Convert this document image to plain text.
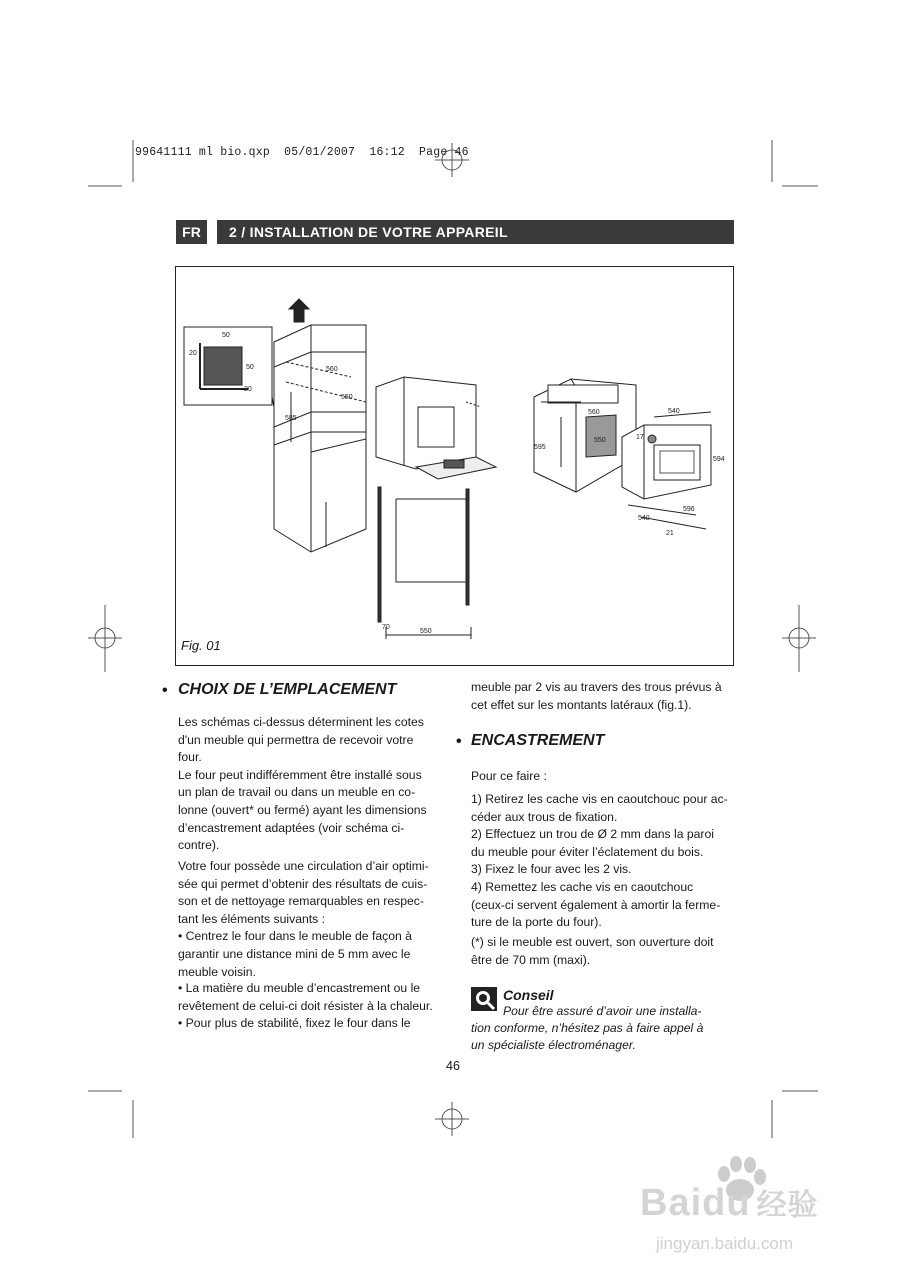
99641111 ml bio.qxp  05/01/2007  16:12  Page 46
FR	2 / INSTALLATION DE VOTRE APPAREIL
50
20
50
20
560
550
585
70
550
560
550
595
540
594
596
540
21
17
Fig. 01
• CHOIX DE L’EMPLACEMENT
Les schémas ci-dessus déterminent les cotes
d'un meuble qui permettra de recevoir votre
four.
Le four peut indifféremment être installé sous
un plan de travail ou dans un meuble en co-
lonne (ouvert* ou fermé) ayant les dimensions
d’encastrement adaptées (voir schéma ci-
contre).
Votre four possède une circulation d’air optimi-
sée qui permet d’obtenir des résultats de cuis-
son et de nettoyage remarquables en respec-
tant les éléments suivants :
• Centrez le four dans le meuble de façon à
garantir une distance mini de 5 mm avec le
meuble voisin.
• La matière du meuble d’encastrement ou le
revêtement de celui-ci doit résister à la chaleur.
• Pour plus de stabilité, fixez le four dans le
meuble par 2 vis au travers des trous prévus à
cet effet sur les montants latéraux (fig.1).
• ENCASTREMENT
Pour ce faire :
1) Retirez les cache vis en caoutchouc pour ac-
céder aux trous de fixation.
2) Effectuez un trou de Ø 2 mm dans la paroi
du meuble pour éviter l’éclatement du bois.
3) Fixez le four avec les 2 vis.
4) Remettez les cache vis en caoutchouc
(ceux-ci servent également à amortir la ferme-
ture de la porte du four).
(*) si le meuble est ouvert, son ouverture doit
être de 70 mm (maxi).
Conseil
Pour être assuré d’avoir une installa-
tion conforme, n’hésitez pas à faire appel à
un spécialiste électroménager.
46
Baidu 经验
jingyan.baidu.com
